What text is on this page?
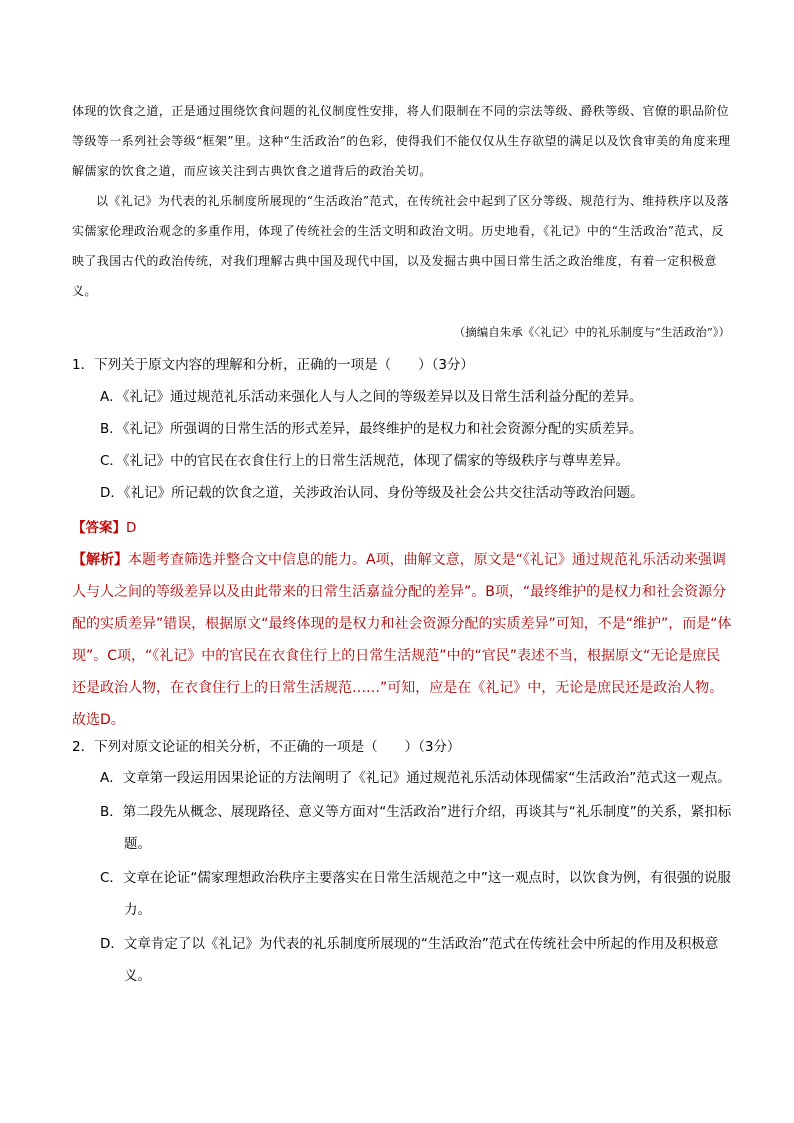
体现的饮食之道，正是通过围绕饮食问题的礼仪制度性安排，将人们限制在不同的宗法等级、爵秩等级、官僚的职品阶位等级等一系列社会等级“框架”里。这种“生活政治”的色彩，使得我们不能仅仅从生存欲望的满足以及饮食审美的角度来理解儒家的饮食之道，而应该关注到古典饮食之道背后的政治关切。

以《礼记》为代表的礼乐制度所展现的“生活政治”范式，在传统社会中起到了区分等级、规范行为、维持秩序以及落实儒家伦理政治观念的多重作用，体现了传统社会的生活文明和政治文明。历史地看，《礼记》中的“生活政治”范式，反映了我国古代的政治传统，对我们理解古典中国及现代中国，以及发掘古典中国日常生活之政治维度，有着一定积极意义。

（摘编自朱承《〈礼记〉中的礼乐制度与“生活政治”》）
1．下列关于原文内容的理解和分析，正确的一项是（　　）（3分）
A．《礼记》通过规范礼乐活动来强化人与人之间的等级差异以及日常生活利益分配的差异。
B．《礼记》所强调的日常生活的形式差异，最终维护的是权力和社会资源分配的实质差异。
C．《礼记》中的官民在衣食住行上的日常生活规范，体现了儒家的等级秩序与尊卑差异。
D．《礼记》所记载的饮食之道，关涉政治认同、身份等级及社会公共交往活动等政治问题。
【答案】D
【解析】本题考查筛选并整合文中信息的能力。A项，曲解文意，原文是“《礼记》通过规范礼乐活动来强调人与人之间的等级差异以及由此带来的日常生活嘉益分配的差异”。B项，“最终维护的是权力和社会资源分配的实质差异”错误，根据原文“最终体现的是权力和社会资源分配的实质差异”可知，不是“维护”，而是“体现”。C项，“《礼记》中的官民在衣食住行上的日常生活规范”中的“官民”表述不当，根据原文“无论是庶民还是政治人物，在衣食住行上的日常生活规范……”可知，应是在《礼记》中，无论是庶民还是政治人物。故选D。
2．下列对原文论证的相关分析，不正确的一项是（　　）（3分）
A．文章第一段运用因果论证的方法阐明了《礼记》通过规范礼乐活动体现儒家“生活政治”范式这一观点。
B．第二段先从概念、展现路径、意义等方面对“生活政治”进行介绍，再谈其与“礼乐制度”的关系，紧扣标题。
C．文章在论证“儒家理想政治秩序主要落实在日常生活规范之中”这一观点时，以饮食为例，有很强的说服力。
D．文章肯定了以《礼记》为代表的礼乐制度所展现的“生活政治”范式在传统社会中所起的作用及积极意义。
